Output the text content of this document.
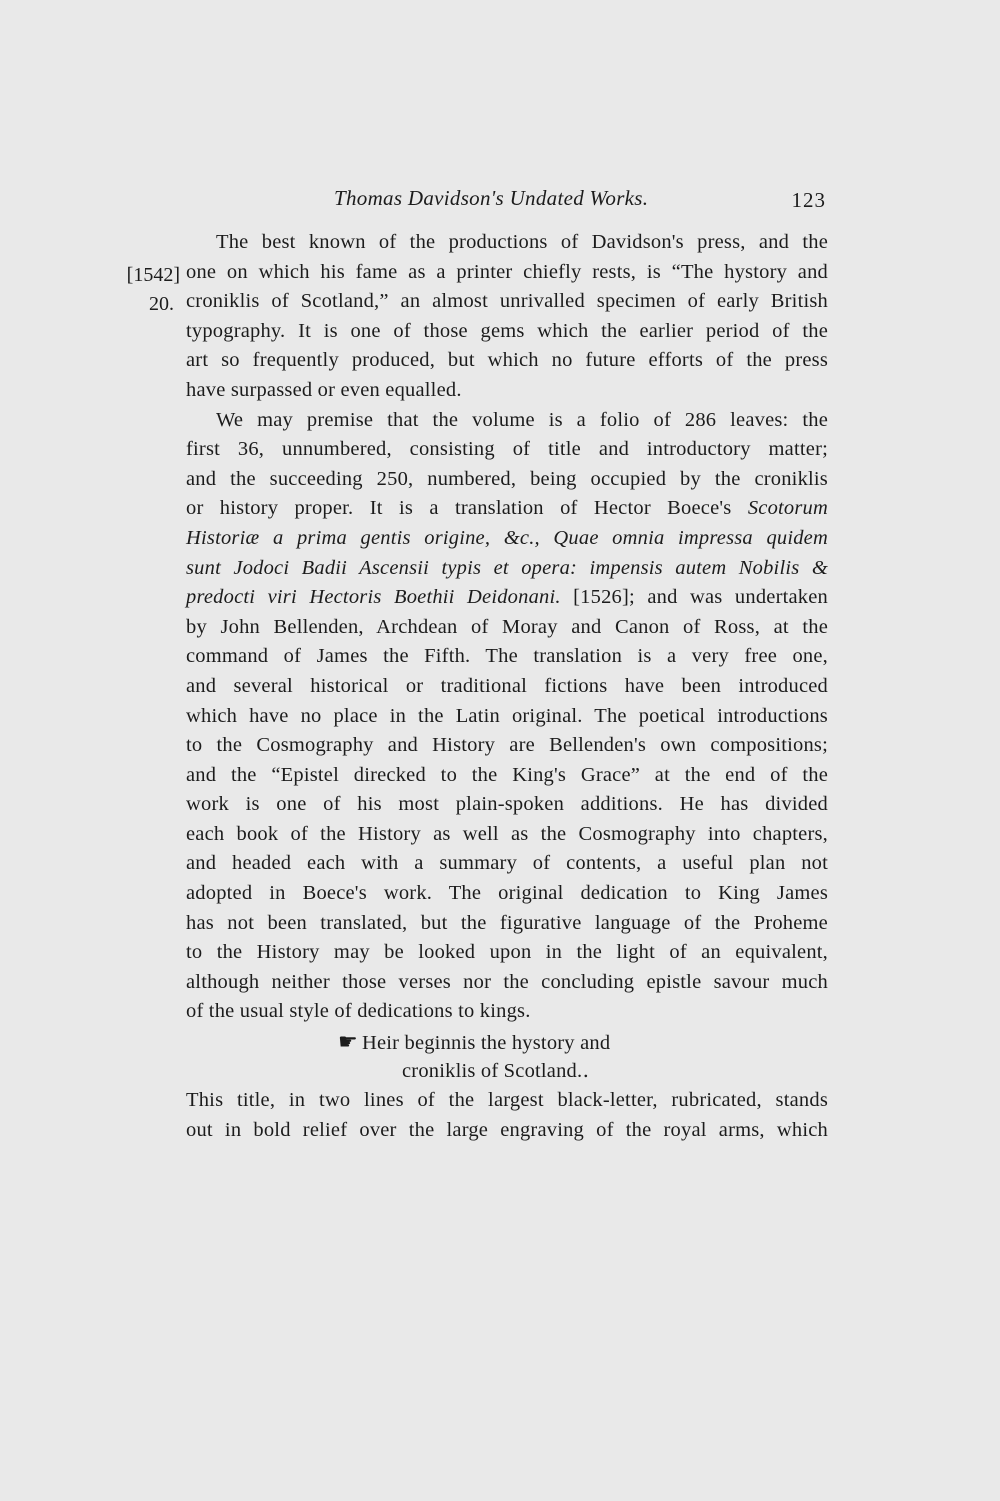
Thomas Davidson's Undated Works.	123
[1542]
20.
The best known of the productions of Davidson's press, and the
one on which his fame as a printer chiefly rests, is “The hystory and
croniklis of Scotland,” an almost unrivalled specimen of early British
typography. It is one of those gems which the earlier period of the
art so frequently produced, but which no future efforts of the press
have surpassed or even equalled.
We may premise that the volume is a folio of 286 leaves: the
first 36, unnumbered, consisting of title and introductory matter;
and the succeeding 250, numbered, being occupied by the croniklis
or history proper. It is a translation of Hector Boece's Scotorum
Historiæ a prima gentis origine, &c., Quae omnia impressa quidem
sunt Jodoci Badii Ascensii typis et opera: impensis autem Nobilis &
predocti viri Hectoris Boethii Deidonani. [1526]; and was undertaken
by John Bellenden, Archdean of Moray and Canon of Ross, at the
command of James the Fifth. The translation is a very free one,
and several historical or traditional fictions have been introduced
which have no place in the Latin original. The poetical introductions
to the Cosmography and History are Bellenden's own compositions;
and the “Epistel direcked to the King's Grace” at the end of the
work is one of his most plain-spoken additions. He has divided
each book of the History as well as the Cosmography into chapters,
and headed each with a summary of contents, a useful plan not
adopted in Boece's work. The original dedication to King James
has not been translated, but the figurative language of the Proheme
to the History may be looked upon in the light of an equivalent,
although neither those verses nor the concluding epistle savour much
of the usual style of dedications to kings.
☛ Heir beginnis the hystory and
croniklis of Scotland.․
This title, in two lines of the largest black-letter, rubricated, stands
out in bold relief over the large engraving of the royal arms, which
